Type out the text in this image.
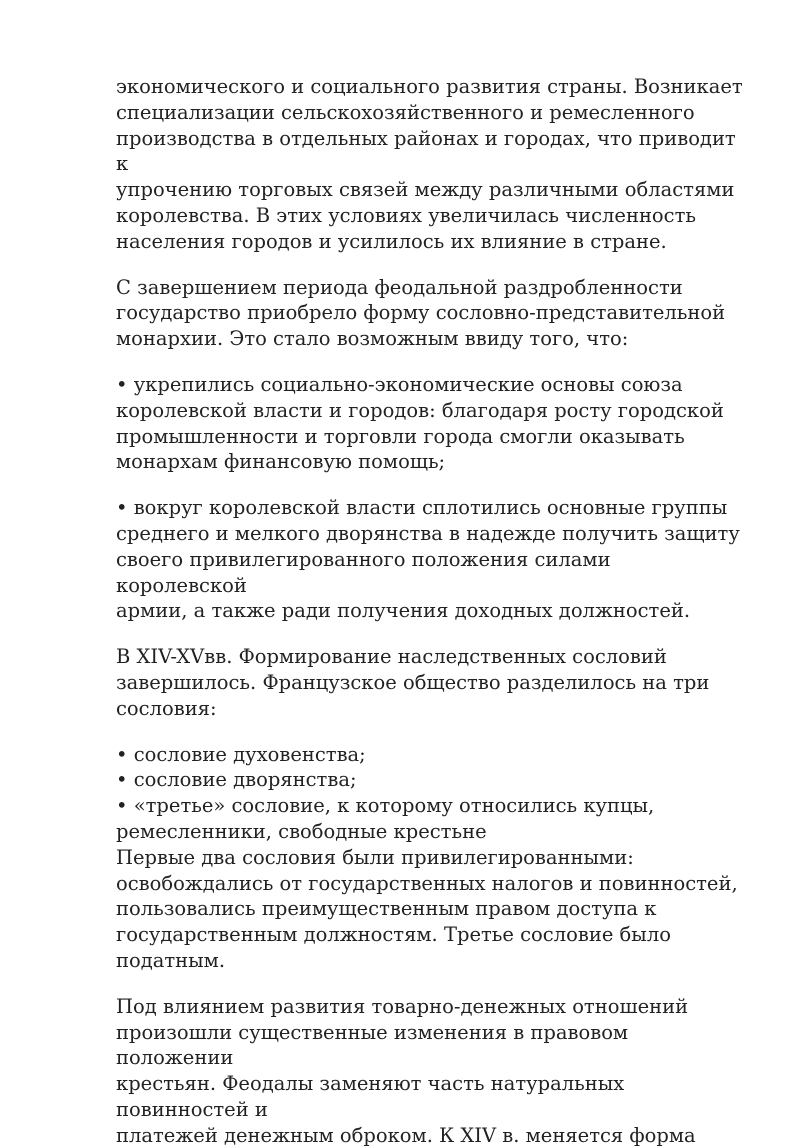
экономического и социального развития страны. Возникает
специализации сельскохозяйственного и ремесленного
производства в отдельных районах и городах, что приводит к
упрочению торговых связей между различными областями
королевства. В этих условиях увеличилась численность
населения городов и усилилось их влияние в стране.

С завершением периода феодальной раздробленности
государство приобрело форму сословно-представительной
монархии. Это стало возможным ввиду того, что:

• укрепились социально-экономические основы союза
королевской власти и городов: благодаря росту городской
промышленности и торговли города смогли оказывать
монархам финансовую помощь;

• вокруг королевской власти сплотились основные группы
среднего и мелкого дворянства в надежде получить защиту
своего привилегированного положения силами королевской
армии, а также ради получения доходных должностей.

В XIV-XVвв. Формирование наследственных сословий
завершилось. Французское общество разделилось на три
сословия:

• сословие духовенства;

• сословие дворянства;

• «третье» сословие, к которому относились купцы,
ремесленники, свободные крестьне

Первые два сословия были привилегированными:
освобождались от государственных налогов и повинностей,
пользовались преимущественным правом доступа к
государственным должностям. Третье сословие было податным.

Под влиянием развития товарно-денежных отношений
произошли существенные изменения в правовом положении
крестьян. Феодалы заменяют часть натуральных повинностей и
платежей денежным оброком. К XIV в. меняется форма
